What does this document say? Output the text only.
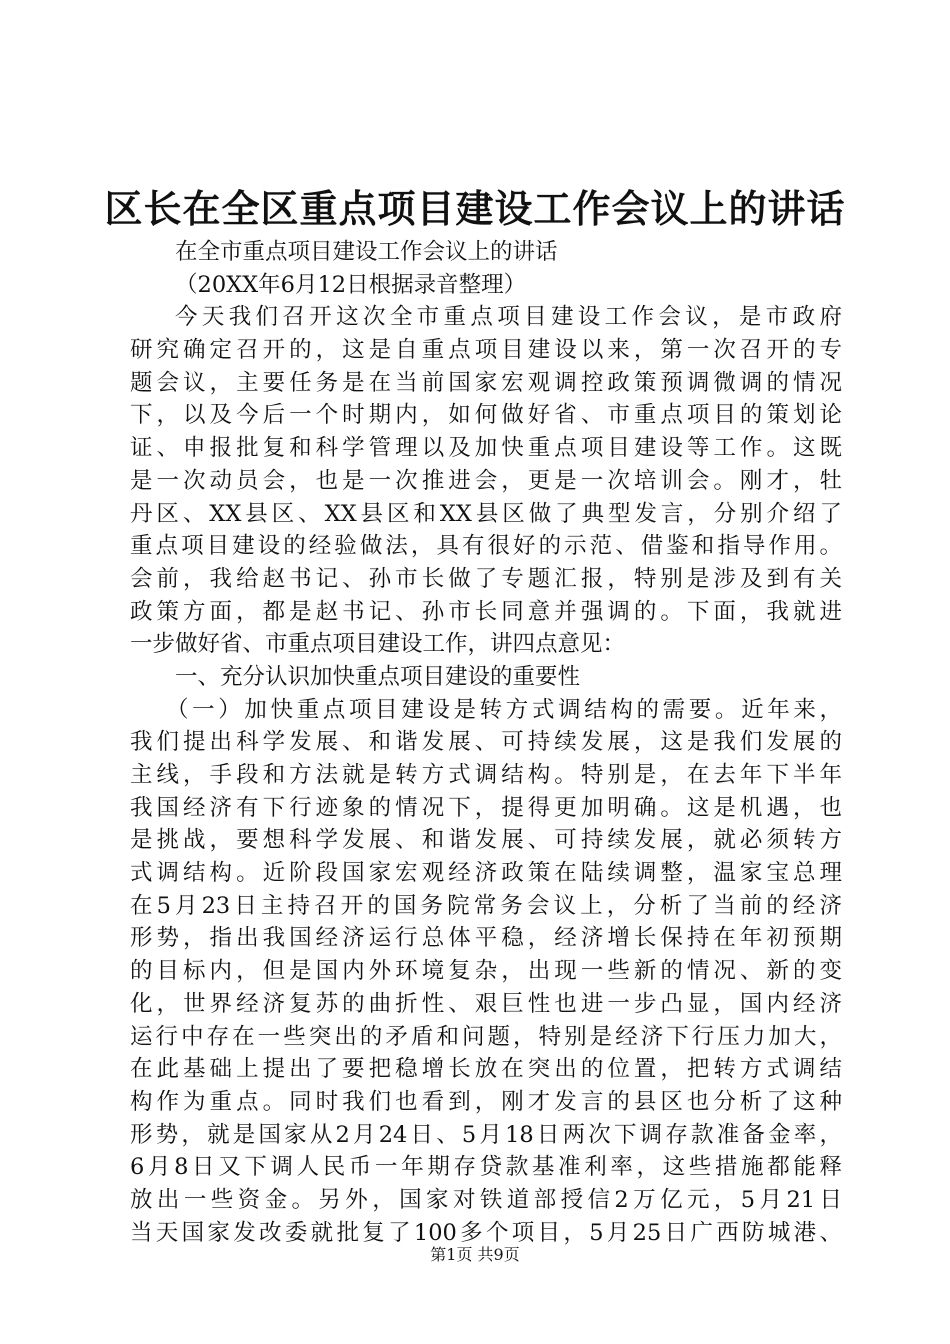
区长在全区重点项目建设工作会议上的讲话
在全市重点项目建设工作会议上的讲话
（20XX年6月12日根据录音整理）
今天我们召开这次全市重点项目建设工作会议，是市政府
研究确定召开的，这是自重点项目建设以来，第一次召开的专
题会议，主要任务是在当前国家宏观调控政策预调微调的情况
下，以及今后一个时期内，如何做好省、市重点项目的策划论
证、申报批复和科学管理以及加快重点项目建设等工作。这既
是一次动员会，也是一次推进会，更是一次培训会。刚才，牡
丹区、XX县区、XX县区和XX县区做了典型发言，分别介绍了
重点项目建设的经验做法，具有很好的示范、借鉴和指导作用。
会前，我给赵书记、孙市长做了专题汇报，特别是涉及到有关
政策方面，都是赵书记、孙市长同意并强调的。下面，我就进
一步做好省、市重点项目建设工作，讲四点意见：
一、充分认识加快重点项目建设的重要性
（一）加快重点项目建设是转方式调结构的需要。近年来，
我们提出科学发展、和谐发展、可持续发展，这是我们发展的
主线，手段和方法就是转方式调结构。特别是，在去年下半年
我国经济有下行迹象的情况下，提得更加明确。这是机遇，也
是挑战，要想科学发展、和谐发展、可持续发展，就必须转方
式调结构。近阶段国家宏观经济政策在陆续调整，温家宝总理
在5月23日主持召开的国务院常务会议上，分析了当前的经济
形势，指出我国经济运行总体平稳，经济增长保持在年初预期
的目标内，但是国内外环境复杂，出现一些新的情况、新的变
化，世界经济复苏的曲折性、艰巨性也进一步凸显，国内经济
运行中存在一些突出的矛盾和问题，特别是经济下行压力加大，
在此基础上提出了要把稳增长放在突出的位置，把转方式调结
构作为重点。同时我们也看到，刚才发言的县区也分析了这种
形势，就是国家从2月24日、5月18日两次下调存款准备金率，
6月8日又下调人民币一年期存贷款基准利率，这些措施都能释
放出一些资金。另外，国家对铁道部授信2万亿元，5月21日
当天国家发改委就批复了100多个项目，5月25日广西防城港、
第1页 共9页
